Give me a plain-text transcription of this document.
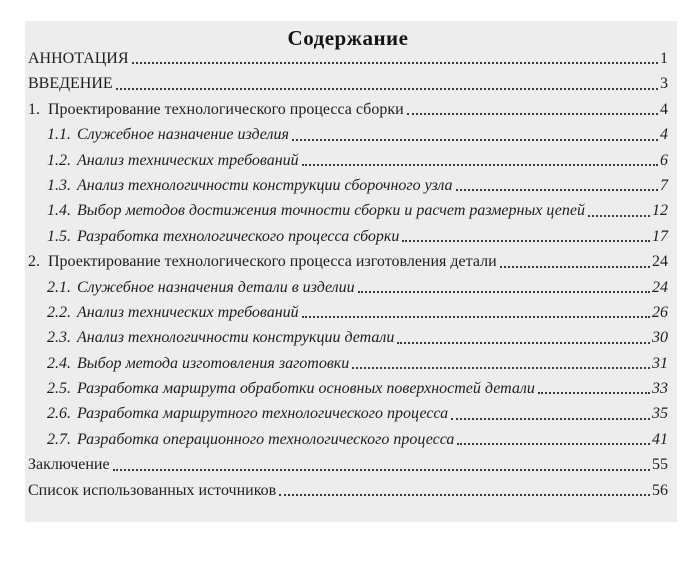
Содержание
АННОТАЦИЯ	1
ВВЕДЕНИЕ	3
1. Проектирование технологического процесса сборки	4
1.1. Служебное назначение изделия	4
1.2. Анализ технических требований	6
1.3. Анализ технологичности конструкции сборочного узла	7
1.4. Выбор методов достижения точности сборки и расчет размерных цепей	12
1.5. Разработка технологического процесса сборки	17
2. Проектирование технологического процесса изготовления детали	24
2.1. Служебное назначения детали в изделии	24
2.2. Анализ технических требований	26
2.3. Анализ технологичности конструкции детали	30
2.4. Выбор метода изготовления заготовки	31
2.5. Разработка маршрута обработки основных поверхностей детали	33
2.6. Разработка маршрутного технологического процесса	35
2.7. Разработка операционного технологического процесса	41
Заключение	55
Список использованных источников	56
